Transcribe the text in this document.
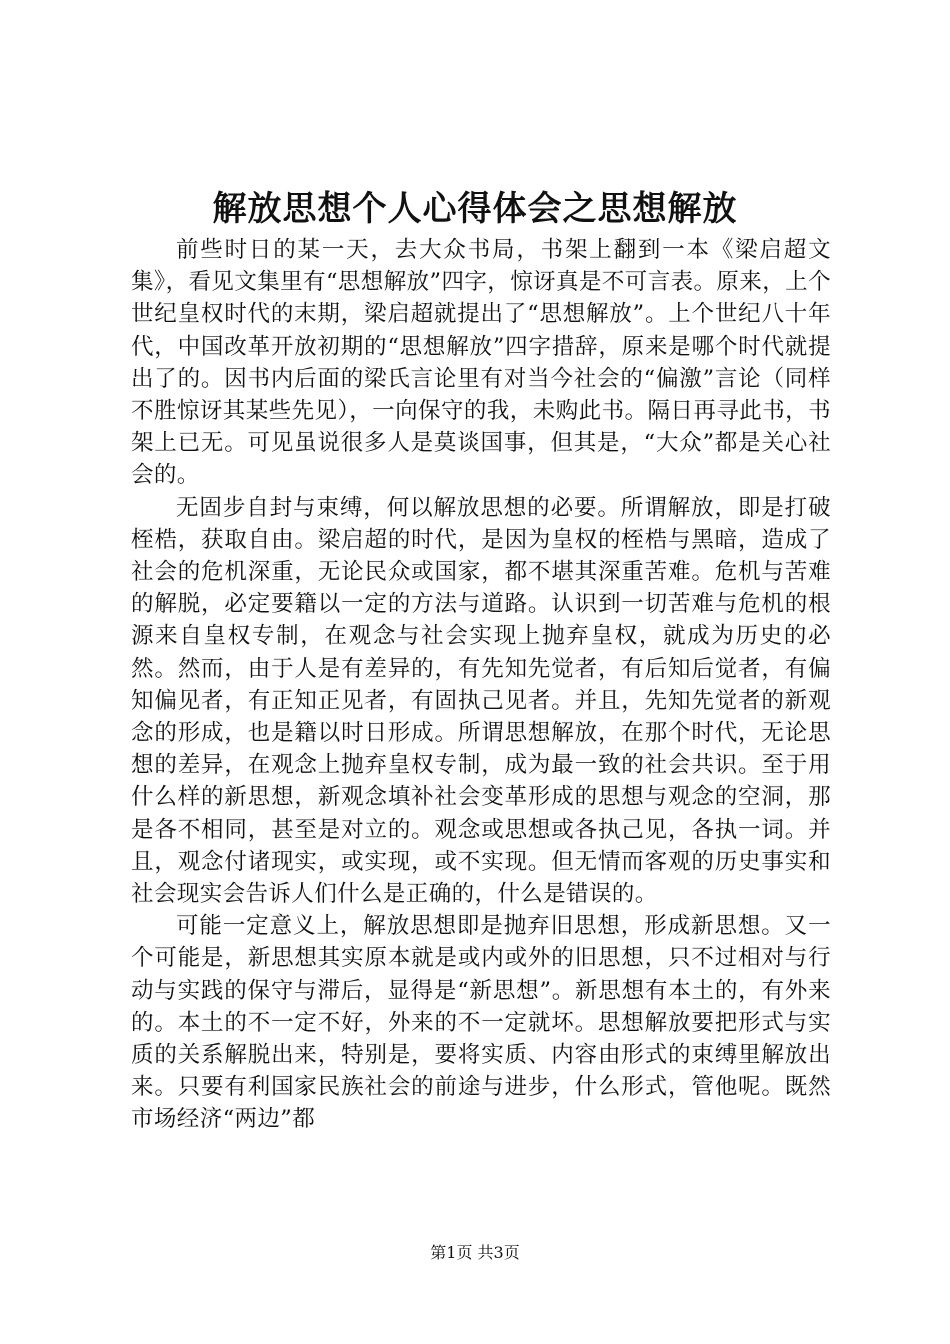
解放思想个人心得体会之思想解放

前些时日的某一天，去大众书局，书架上翻到一本《梁启超文集》，看见文集里有“思想解放”四字，惊讶真是不可言表。原来，上个世纪皇权时代的末期，梁启超就提出了“思想解放”。上个世纪八十年代，中国改革开放初期的“思想解放”四字措辞，原来是哪个时代就提出了的。因书内后面的梁氏言论里有对当今社会的“偏激”言论（同样不胜惊讶其某些先见），一向保守的我，未购此书。隔日再寻此书，书架上已无。可见虽说很多人是莫谈国事，但其是，“大众”都是关心社会的。

无固步自封与束缚，何以解放思想的必要。所谓解放，即是打破桎梏，获取自由。梁启超的时代，是因为皇权的桎梏与黑暗，造成了社会的危机深重，无论民众或国家，都不堪其深重苦难。危机与苦难的解脱，必定要籍以一定的方法与道路。认识到一切苦难与危机的根源来自皇权专制，在观念与社会实现上抛弃皇权，就成为历史的必然。然而，由于人是有差异的，有先知先觉者，有后知后觉者，有偏知偏见者，有正知正见者，有固执己见者。并且，先知先觉者的新观念的形成，也是籍以时日形成。所谓思想解放，在那个时代，无论思想的差异，在观念上抛弃皇权专制，成为最一致的社会共识。至于用什么样的新思想，新观念填补社会变革形成的思想与观念的空洞，那是各不相同，甚至是对立的。观念或思想或各执己见，各执一词。并且，观念付诸现实，或实现，或不实现。但无情而客观的历史事实和社会现实会告诉人们什么是正确的，什么是错误的。

可能一定意义上，解放思想即是抛弃旧思想，形成新思想。又一个可能是，新思想其实原本就是或内或外的旧思想，只不过相对与行动与实践的保守与滞后，显得是“新思想”。新思想有本土的，有外来的。本土的不一定不好，外来的不一定就坏。思想解放要把形式与实质的关系解脱出来，特别是，要将实质、内容由形式的束缚里解放出来。只要有利国家民族社会的前途与进步，什么形式，管他呢。既然市场经济“两边”都

第1页 共3页
